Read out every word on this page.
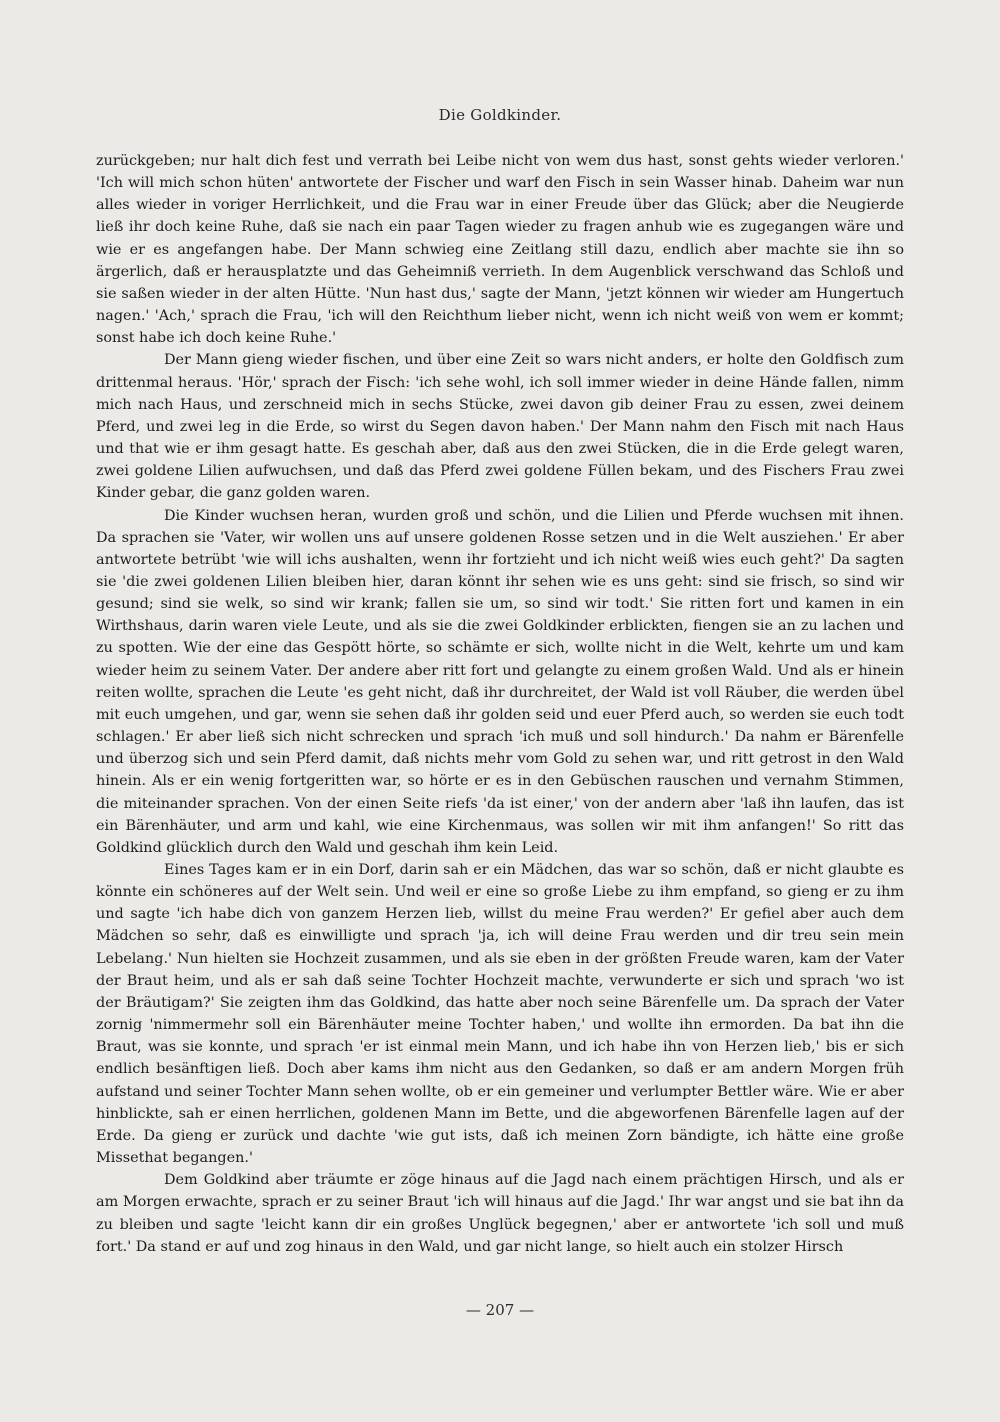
Die Goldkinder.

zurückgeben; nur halt dich fest und verrath bei Leibe nicht von wem dus hast, sonst gehts wieder verloren.' 'Ich will mich schon hüten' antwortete der Fischer und warf den Fisch in sein Wasser hinab. Daheim war nun alles wieder in voriger Herrlichkeit, und die Frau war in einer Freude über das Glück; aber die Neugierde ließ ihr doch keine Ruhe, daß sie nach ein paar Tagen wieder zu fragen anhub wie es zugegangen wäre und wie er es angefangen habe. Der Mann schwieg eine Zeitlang still dazu, endlich aber machte sie ihn so ärgerlich, daß er herausplatzte und das Geheimniß verrieth. In dem Augenblick verschwand das Schloß und sie saßen wieder in der alten Hütte. 'Nun hast dus,' sagte der Mann, 'jetzt können wir wieder am Hungertuch nagen.' 'Ach,' sprach die Frau, 'ich will den Reichthum lieber nicht, wenn ich nicht weiß von wem er kommt; sonst habe ich doch keine Ruhe.'

Der Mann gieng wieder fischen, und über eine Zeit so wars nicht anders, er holte den Goldfisch zum drittenmal heraus. 'Hör,' sprach der Fisch: 'ich sehe wohl, ich soll immer wieder in deine Hände fallen, nimm mich nach Haus, und zerschneid mich in sechs Stücke, zwei davon gib deiner Frau zu essen, zwei deinem Pferd, und zwei leg in die Erde, so wirst du Segen davon haben.' Der Mann nahm den Fisch mit nach Haus und that wie er ihm gesagt hatte. Es geschah aber, daß aus den zwei Stücken, die in die Erde gelegt waren, zwei goldene Lilien aufwuchsen, und daß das Pferd zwei goldene Füllen bekam, und des Fischers Frau zwei Kinder gebar, die ganz golden waren.

Die Kinder wuchsen heran, wurden groß und schön, und die Lilien und Pferde wuchsen mit ihnen. Da sprachen sie 'Vater, wir wollen uns auf unsere goldenen Rosse setzen und in die Welt ausziehen.' Er aber antwortete betrübt 'wie will ichs aushalten, wenn ihr fortzieht und ich nicht weiß wies euch geht?' Da sagten sie 'die zwei goldenen Lilien bleiben hier, daran könnt ihr sehen wie es uns geht: sind sie frisch, so sind wir gesund; sind sie welk, so sind wir krank; fallen sie um, so sind wir todt.' Sie ritten fort und kamen in ein Wirthshaus, darin waren viele Leute, und als sie die zwei Goldkinder erblickten, fiengen sie an zu lachen und zu spotten. Wie der eine das Gespött hörte, so schämte er sich, wollte nicht in die Welt, kehrte um und kam wieder heim zu seinem Vater. Der andere aber ritt fort und gelangte zu einem großen Wald. Und als er hinein reiten wollte, sprachen die Leute 'es geht nicht, daß ihr durchreitet, der Wald ist voll Räuber, die werden übel mit euch umgehen, und gar, wenn sie sehen daß ihr golden seid und euer Pferd auch, so werden sie euch todt schlagen.' Er aber ließ sich nicht schrecken und sprach 'ich muß und soll hindurch.' Da nahm er Bärenfelle und überzog sich und sein Pferd damit, daß nichts mehr vom Gold zu sehen war, und ritt getrost in den Wald hinein. Als er ein wenig fortgeritten war, so hörte er es in den Gebüschen rauschen und vernahm Stimmen, die miteinander sprachen. Von der einen Seite riefs 'da ist einer,' von der andern aber 'laß ihn laufen, das ist ein Bärenhäuter, und arm und kahl, wie eine Kirchenmaus, was sollen wir mit ihm anfangen!' So ritt das Goldkind glücklich durch den Wald und geschah ihm kein Leid.

Eines Tages kam er in ein Dorf, darin sah er ein Mädchen, das war so schön, daß er nicht glaubte es könnte ein schöneres auf der Welt sein. Und weil er eine so große Liebe zu ihm empfand, so gieng er zu ihm und sagte 'ich habe dich von ganzem Herzen lieb, willst du meine Frau werden?' Er gefiel aber auch dem Mädchen so sehr, daß es einwilligte und sprach 'ja, ich will deine Frau werden und dir treu sein mein Lebelang.' Nun hielten sie Hochzeit zusammen, und als sie eben in der größten Freude waren, kam der Vater der Braut heim, und als er sah daß seine Tochter Hochzeit machte, verwunderte er sich und sprach 'wo ist der Bräutigam?' Sie zeigten ihm das Goldkind, das hatte aber noch seine Bärenfelle um. Da sprach der Vater zornig 'nimmermehr soll ein Bärenhäuter meine Tochter haben,' und wollte ihn ermorden. Da bat ihn die Braut, was sie konnte, und sprach 'er ist einmal mein Mann, und ich habe ihn von Herzen lieb,' bis er sich endlich besänftigen ließ. Doch aber kams ihm nicht aus den Gedanken, so daß er am andern Morgen früh aufstand und seiner Tochter Mann sehen wollte, ob er ein gemeiner und verlumpter Bettler wäre. Wie er aber hinblickte, sah er einen herrlichen, goldenen Mann im Bette, und die abgeworfenen Bärenfelle lagen auf der Erde. Da gieng er zurück und dachte 'wie gut ists, daß ich meinen Zorn bändigte, ich hätte eine große Missethat begangen.'

Dem Goldkind aber träumte er zöge hinaus auf die Jagd nach einem prächtigen Hirsch, und als er am Morgen erwachte, sprach er zu seiner Braut 'ich will hinaus auf die Jagd.' Ihr war angst und sie bat ihn da zu bleiben und sagte 'leicht kann dir ein großes Unglück begegnen,' aber er antwortete 'ich soll und muß fort.' Da stand er auf und zog hinaus in den Wald, und gar nicht lange, so hielt auch ein stolzer Hirsch

— 207 —
